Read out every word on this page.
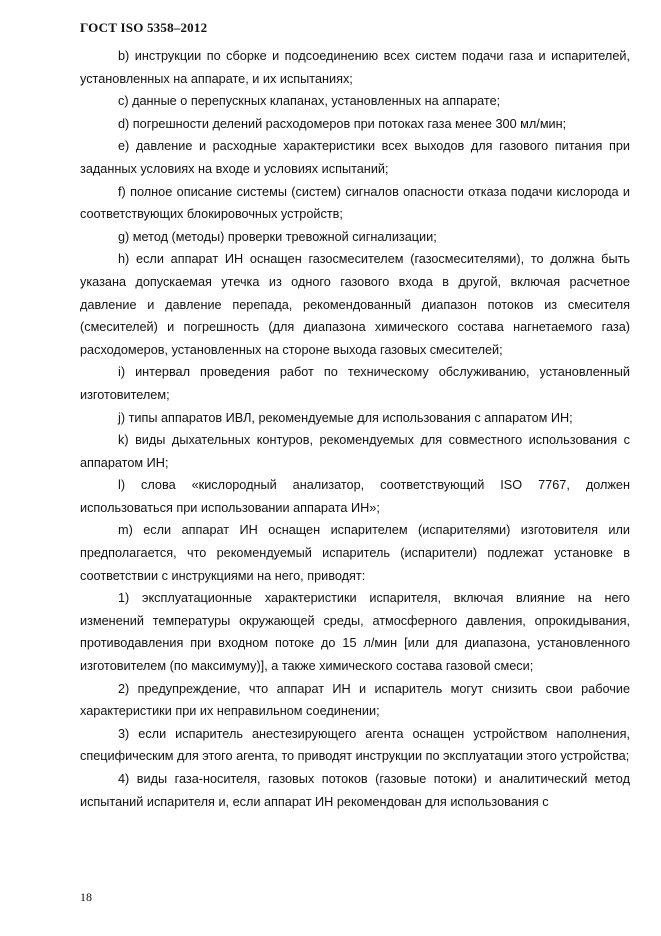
ГОСТ ISO 5358–2012

b) инструкции по сборке и подсоединению всех систем подачи газа и испарителей, установленных на аппарате, и их испытаниях;

c) данные о перепускных клапанах, установленных на аппарате;

d) погрешности делений расходомеров при потоках газа менее 300 мл/мин;

e) давление и расходные характеристики всех выходов для газового питания при заданных условиях на входе и условиях испытаний;

f) полное описание системы (систем) сигналов опасности отказа подачи кислорода и соответствующих блокировочных устройств;

g) метод (методы) проверки тревожной сигнализации;

h) если аппарат ИН оснащен газосмесителем (газосмесителями), то должна быть указана допускаемая утечка из одного газового входа в другой, включая расчетное давление и давление перепада, рекомендованный диапазон потоков из смесителя (смесителей) и погрешность (для диапазона химического состава нагнетаемого газа) расходомеров, установленных на стороне выхода газовых смесителей;

i) интервал проведения работ по техническому обслуживанию, установленный изготовителем;

j) типы аппаратов ИВЛ, рекомендуемые для использования с аппаратом ИН;

k) виды дыхательных контуров, рекомендуемых для совместного использования с аппаратом ИН;

l) слова «кислородный анализатор, соответствующий ISO 7767, должен использоваться при использовании аппарата ИН»;

m) если аппарат ИН оснащен испарителем (испарителями) изготовителя или предполагается, что рекомендуемый испаритель (испарители) подлежат установке в соответствии с инструкциями на него, приводят:

1) эксплуатационные характеристики испарителя, включая влияние на него изменений температуры окружающей среды, атмосферного давления, опрокидывания, противодавления при входном потоке до 15 л/мин [или для диапазона, установленного изготовителем (по максимуму)], а также химического состава газовой смеси;

2) предупреждение, что аппарат ИН и испаритель могут снизить свои рабочие характеристики при их неправильном соединении;

3) если испаритель анестезирующего агента оснащен устройством наполнения, специфическим для этого агента, то приводят инструкции по эксплуатации этого устройства;

4) виды газа-носителя, газовых потоков (газовые потоки) и аналитический метод испытаний испарителя и, если аппарат ИН рекомендован для использования с

18
